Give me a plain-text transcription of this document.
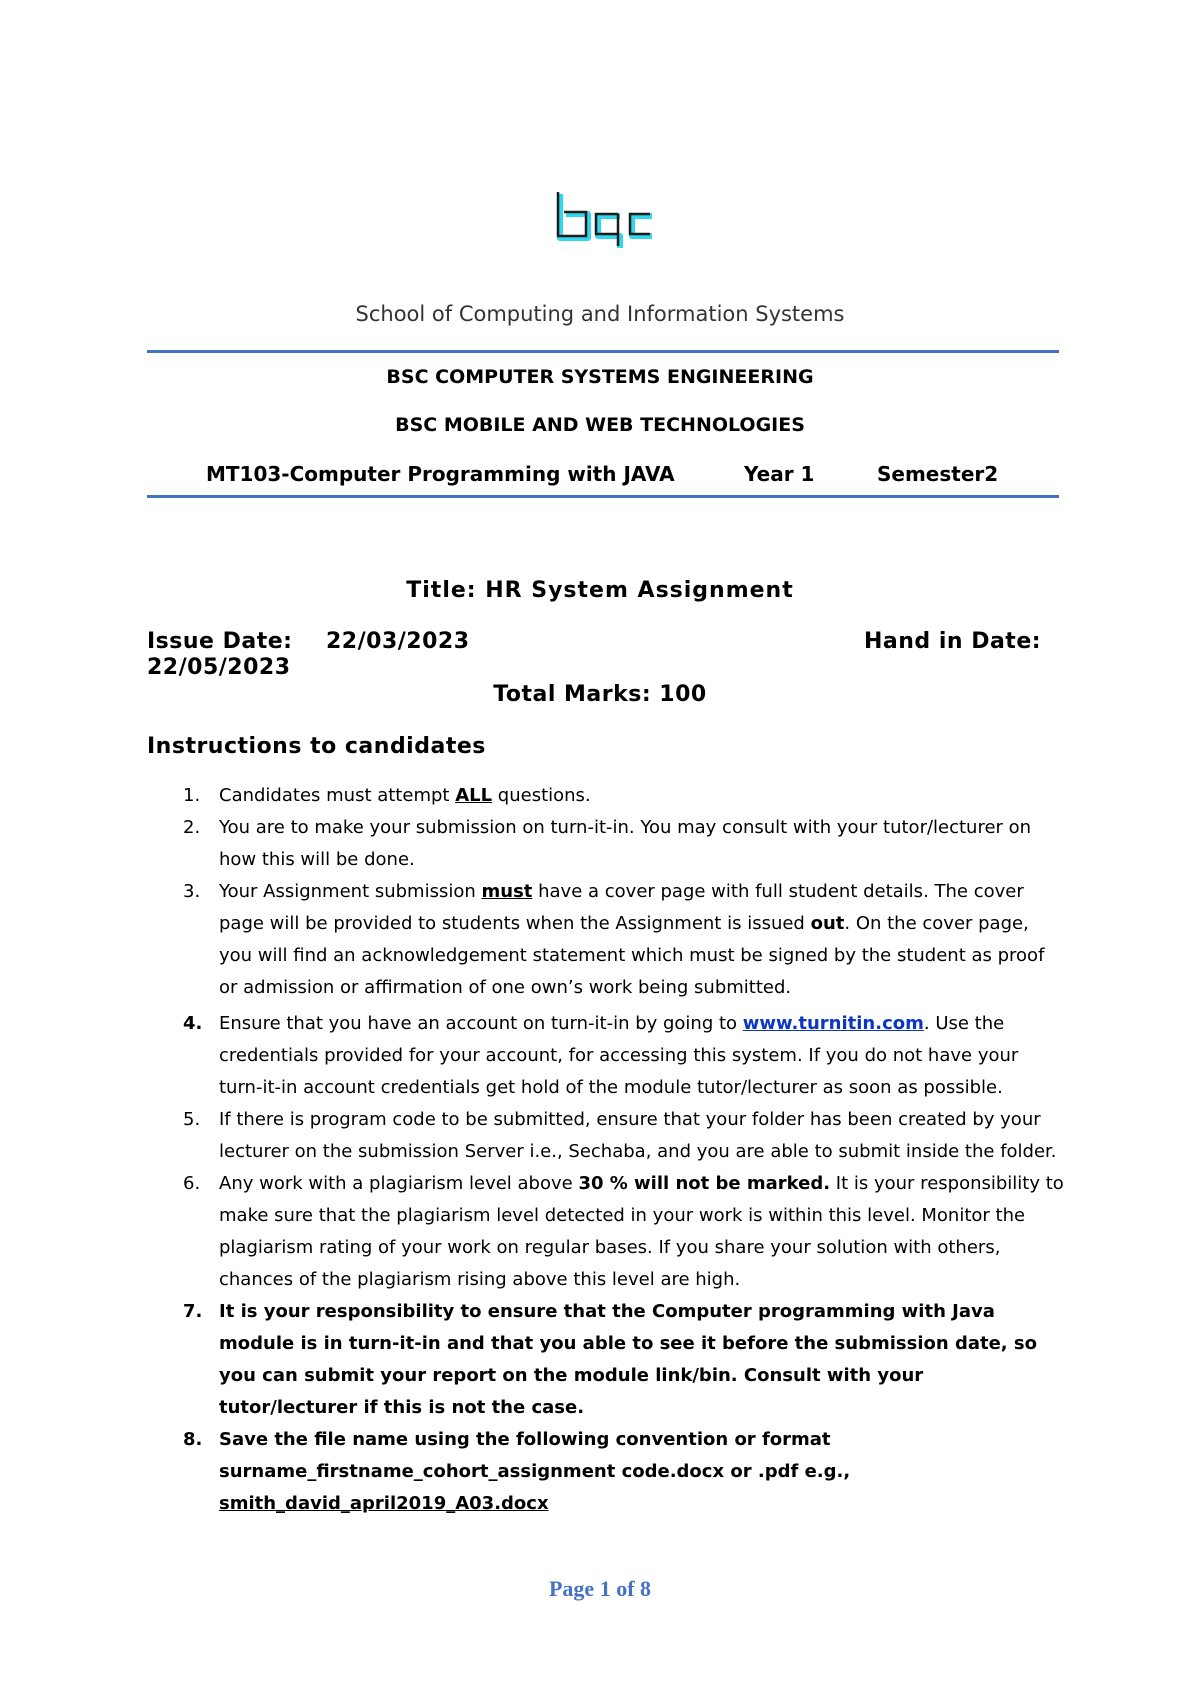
School of Computing and Information Systems
BSC COMPUTER SYSTEMS ENGINEERING
BSC MOBILE AND WEB TECHNOLOGIES
MT103-Computer Programming with JAVA	Year 1	Semester2
Title: HR System Assignment
Issue Date: 22/03/2023	Hand in Date:
22/05/2023
Total Marks: 100
Instructions to candidates
1. Candidates must attempt ALL questions.
2. You are to make your submission on turn-it-in. You may consult with your tutor/lecturer on how this will be done.
3. Your Assignment submission must have a cover page with full student details. The cover page will be provided to students when the Assignment is issued out. On the cover page, you will find an acknowledgement statement which must be signed by the student as proof or admission or affirmation of one own’s work being submitted.
4. Ensure that you have an account on turn-it-in by going to www.turnitin.com. Use the credentials provided for your account, for accessing this system. If you do not have your turn-it-in account credentials get hold of the module tutor/lecturer as soon as possible.
5. If there is program code to be submitted, ensure that your folder has been created by your lecturer on the submission Server i.e., Sechaba, and you are able to submit inside the folder.
6. Any work with a plagiarism level above 30 % will not be marked. It is your responsibility to make sure that the plagiarism level detected in your work is within this level. Monitor the plagiarism rating of your work on regular bases. If you share your solution with others, chances of the plagiarism rising above this level are high.
7. It is your responsibility to ensure that the Computer programming with Java module is in turn-it-in and that you able to see it before the submission date, so you can submit your report on the module link/bin. Consult with your tutor/lecturer if this is not the case.
8. Save the file name using the following convention or format surname_firstname_cohort_assignment code.docx or .pdf e.g., smith_david_april2019_A03.docx
Page 1 of 8
